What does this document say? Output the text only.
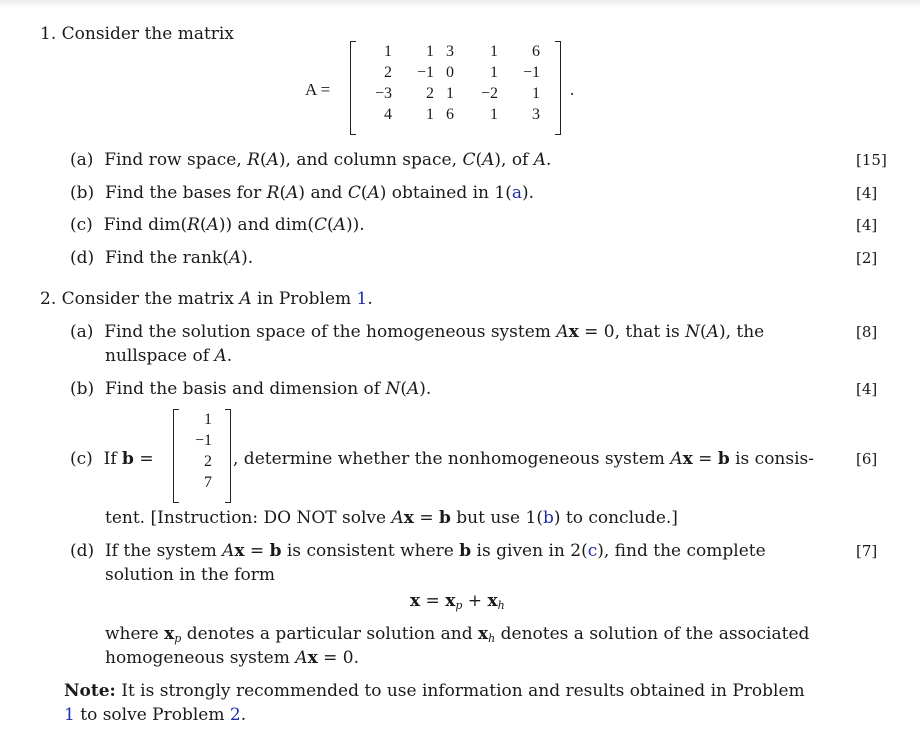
1. Consider the matrix
A =
1	1	3	1	6
2	−1	0	1	−1
−3	2	1	−2	1
4	1	6	1	3
.
(a) Find row space, R(A), and column space, C(A), of A.	[15]
(b) Find the bases for R(A) and C(A) obtained in 1(a).	[4]
(c) Find dim(R(A)) and dim(C(A)).	[4]
(d) Find the rank(A).	[2]
2. Consider the matrix A in Problem 1.
(a) Find the solution space of the homogeneous system Ax = 0, that is N(A), the
nullspace of A.
[8]
(b) Find the basis and dimension of N(A).	[4]
(c) If b =
1
−1
2
7
, determine whether the nonhomogeneous system Ax = b is consis-	[6]
tent. [Instruction: DO NOT solve Ax = b but use 1(b) to conclude.]
(d) If the system Ax = b is consistent where b is given in 2(c), find the complete	[7]
solution in the form
$x = x_p + x_h$
where $x_p$ denotes a particular solution and $x_h$ denotes a solution of the associated
homogeneous system Ax = 0.
Note: It is strongly recommended to use information and results obtained in Problem
1 to solve Problem 2.
